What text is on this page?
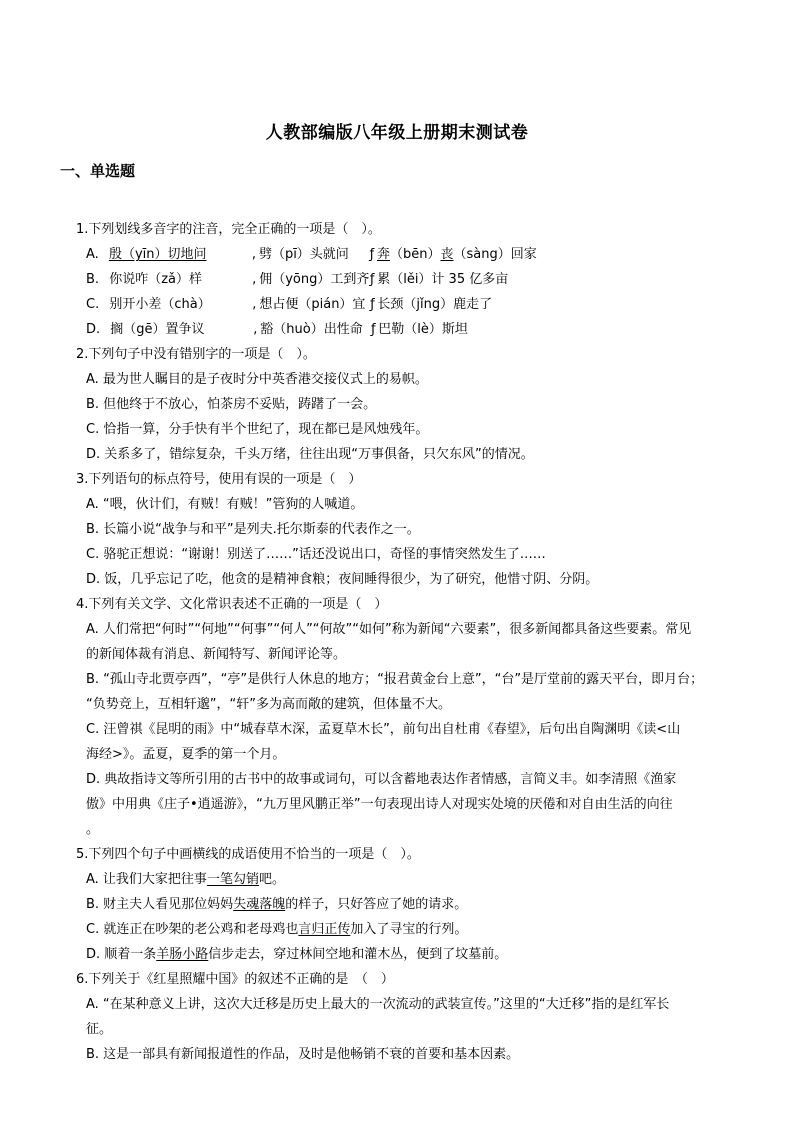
人教部编版八年级上册期末测试卷
一、单选题
1.下列划线多音字的注音，完全正确的一项是（　）。
A. 殷（yīn）切地问	, 劈（pī）头就问 ƒ 奔（bēn）丧（sàng）回家
B. 你说咋（zǎ）样	, 佣（yōng）工到齐ƒ 累（lěi）计 35 亿多亩
C. 别开小差（chà）	, 想占便（pián）宜 ƒ 长颈（jǐng）鹿走了
D. 搁（gē）置争议	, 豁（huò）出性命 ƒ 巴勒（lè）斯坦
2.下列句子中没有错别字的一项是（　）。
A. 最为世人瞩目的是子夜时分中英香港交接仪式上的易帜。
B. 但他终于不放心，怕茶房不妥贴，踌躇了一会。
C. 恰指一算，分手快有半个世纪了，现在都已是风烛残年。
D. 关系多了，错综复杂，千头万绪，往往出现“万事俱备，只欠东风”的情况。
3.下列语句的标点符号，使用有误的一项是（　）
A. “喂，伙计们，有贼！有贼！”管狗的人喊道。
B. 长篇小说“战争与和平”是列夫.托尔斯泰的代表作之一。
C. 骆驼正想说：“谢谢！别送了……”话还没说出口，奇怪的事情突然发生了……
D. 饭，几乎忘记了吃，他贪的是精神食粮；夜间睡得很少，为了研究，他惜寸阴、分阴。
4.下列有关文学、文化常识表述不正确的一项是（　）
A. 人们常把“何时”“何地”“何事”“何人”“何故”“如何”称为新闻“六要素”，很多新闻都具备这些要素。常见
的新闻体裁有消息、新闻特写、新闻评论等。
B. “孤山寺北贾亭西”，“亭”是供行人休息的地方；“报君黄金台上意”，“台”是厅堂前的露天平台，即月台；
“负势竞上，互相轩邈”，“轩”多为高而敞的建筑，但体量不大。
C. 汪曾祺《昆明的雨》中“城春草木深，孟夏草木长”，前句出自杜甫《春望》，后句出自陶渊明《读<山
海经>》。孟夏，夏季的第一个月。
D. 典故指诗文等所引用的古书中的故事或词句，可以含蓄地表达作者情感，言简义丰。如李清照《渔家
傲》中用典《庄子•逍遥游》，“九万里风鹏正举”一句表现出诗人对现实处境的厌倦和对自由生活的向往
。
5.下列四个句子中画横线的成语使用不恰当的一项是（　）。
A. 让我们大家把往事一笔勾销吧。
B. 财主夫人看见那位妈妈失魂落魄的样子，只好答应了她的请求。
C. 就连正在吵架的老公鸡和老母鸡也言归正传加入了寻宝的行列。
D. 顺着一条羊肠小路信步走去，穿过林间空地和灌木丛，便到了坟墓前。
6.下列关于《红星照耀中国》的叙述不正确的是　（　）
A. “在某种意义上讲，这次大迁移是历史上最大的一次流动的武装宣传。”这里的“大迁移”指的是红军长
征。
B. 这是一部具有新闻报道性的作品，及时是他畅销不衰的首要和基本因素。
